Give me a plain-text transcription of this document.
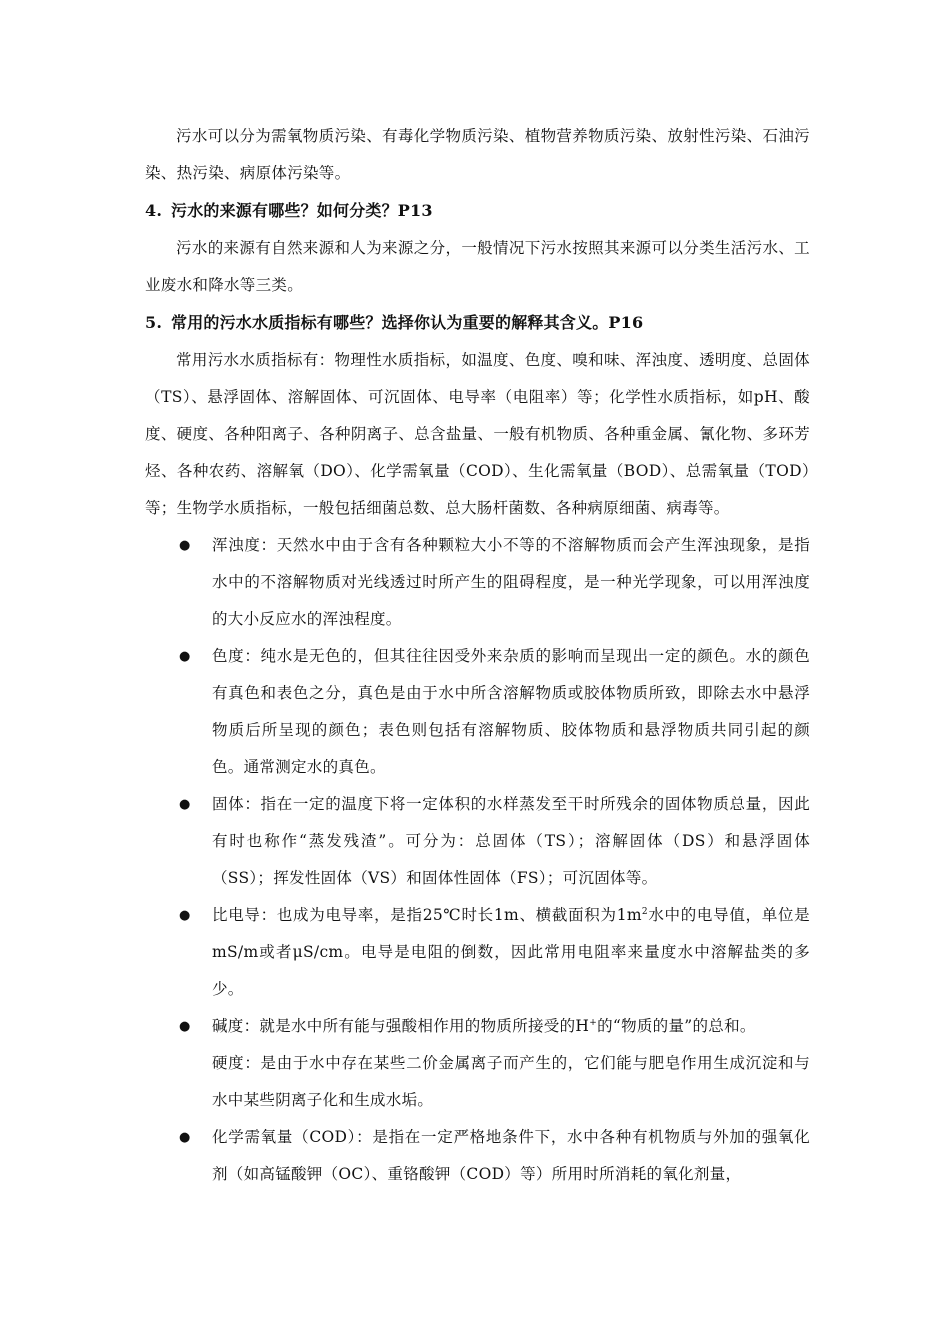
污水可以分为需氧物质污染、有毒化学物质污染、植物营养物质污染、放射性污染、石油污染、热污染、病原体污染等。

4. 污水的来源有哪些？如何分类？P13

污水的来源有自然来源和人为来源之分，一般情况下污水按照其来源可以分类生活污水、工业废水和降水等三类。

5. 常用的污水水质指标有哪些？选择你认为重要的解释其含义。P16

常用污水水质指标有：物理性水质指标，如温度、色度、嗅和味、浑浊度、透明度、总固体（TS）、悬浮固体、溶解固体、可沉固体、电导率（电阻率）等；化学性水质指标，如pH、酸度、硬度、各种阳离子、各种阴离子、总含盐量、一般有机物质、各种重金属、氰化物、多环芳烃、各种农药、溶解氧（DO）、化学需氧量（COD）、生化需氧量（BOD）、总需氧量（TOD）等；生物学水质指标，一般包括细菌总数、总大肠杆菌数、各种病原细菌、病毒等。

● 浑浊度：天然水中由于含有各种颗粒大小不等的不溶解物质而会产生浑浊现象，是指水中的不溶解物质对光线透过时所产生的阻碍程度，是一种光学现象，可以用浑浊度的大小反应水的浑浊程度。
● 色度：纯水是无色的，但其往往因受外来杂质的影响而呈现出一定的颜色。水的颜色有真色和表色之分，真色是由于水中所含溶解物质或胶体物质所致，即除去水中悬浮物质后所呈现的颜色；表色则包括有溶解物质、胶体物质和悬浮物质共同引起的颜色。通常测定水的真色。
● 固体：指在一定的温度下将一定体积的水样蒸发至干时所残余的固体物质总量，因此有时也称作“蒸发残渣”。可分为：总固体（TS）；溶解固体（DS）和悬浮固体（SS）；挥发性固体（VS）和固体性固体（FS）；可沉固体等。
● 比电导：也成为电导率，是指25℃时长1m、横截面积为$1m^2$水中的电导值，单位是mS/m或者μS/cm。电导是电阻的倒数，因此常用电阻率来量度水中溶解盐类的多少。
● 碱度：就是水中所有能与强酸相作用的物质所接受的H+的“物质的量”的总和。
硬度：是由于水中存在某些二价金属离子而产生的，它们能与肥皂作用生成沉淀和与水中某些阴离子化和生成水垢。
● 化学需氧量（COD）：是指在一定严格地条件下，水中各种有机物质与外加的强氧化剂（如高锰酸钾（OC）、重铬酸钾（COD）等）所用时所消耗的氧化剂量，
